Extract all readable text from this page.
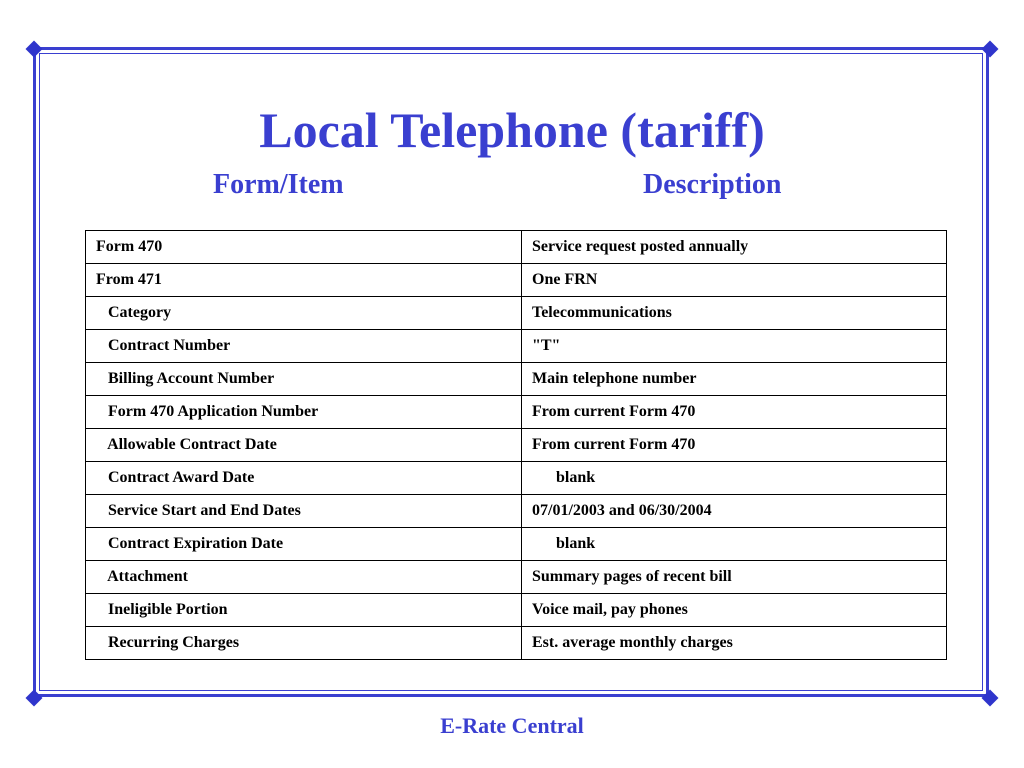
Local Telephone (tariff)
Form/Item	Description
Form 470	Service request posted annually
From 471	One FRN
Category	Telecommunications
Contract Number	"T"
Billing Account Number	Main telephone number
Form 470 Application Number	From current Form 470
Allowable Contract Date	From current Form 470
Contract Award Date	blank
Service Start and End Dates	07/01/2003 and 06/30/2004
Contract Expiration Date	blank
Attachment	Summary pages of recent bill
Ineligible Portion	Voice mail, pay phones
Recurring Charges	Est. average monthly charges
E-Rate Central
